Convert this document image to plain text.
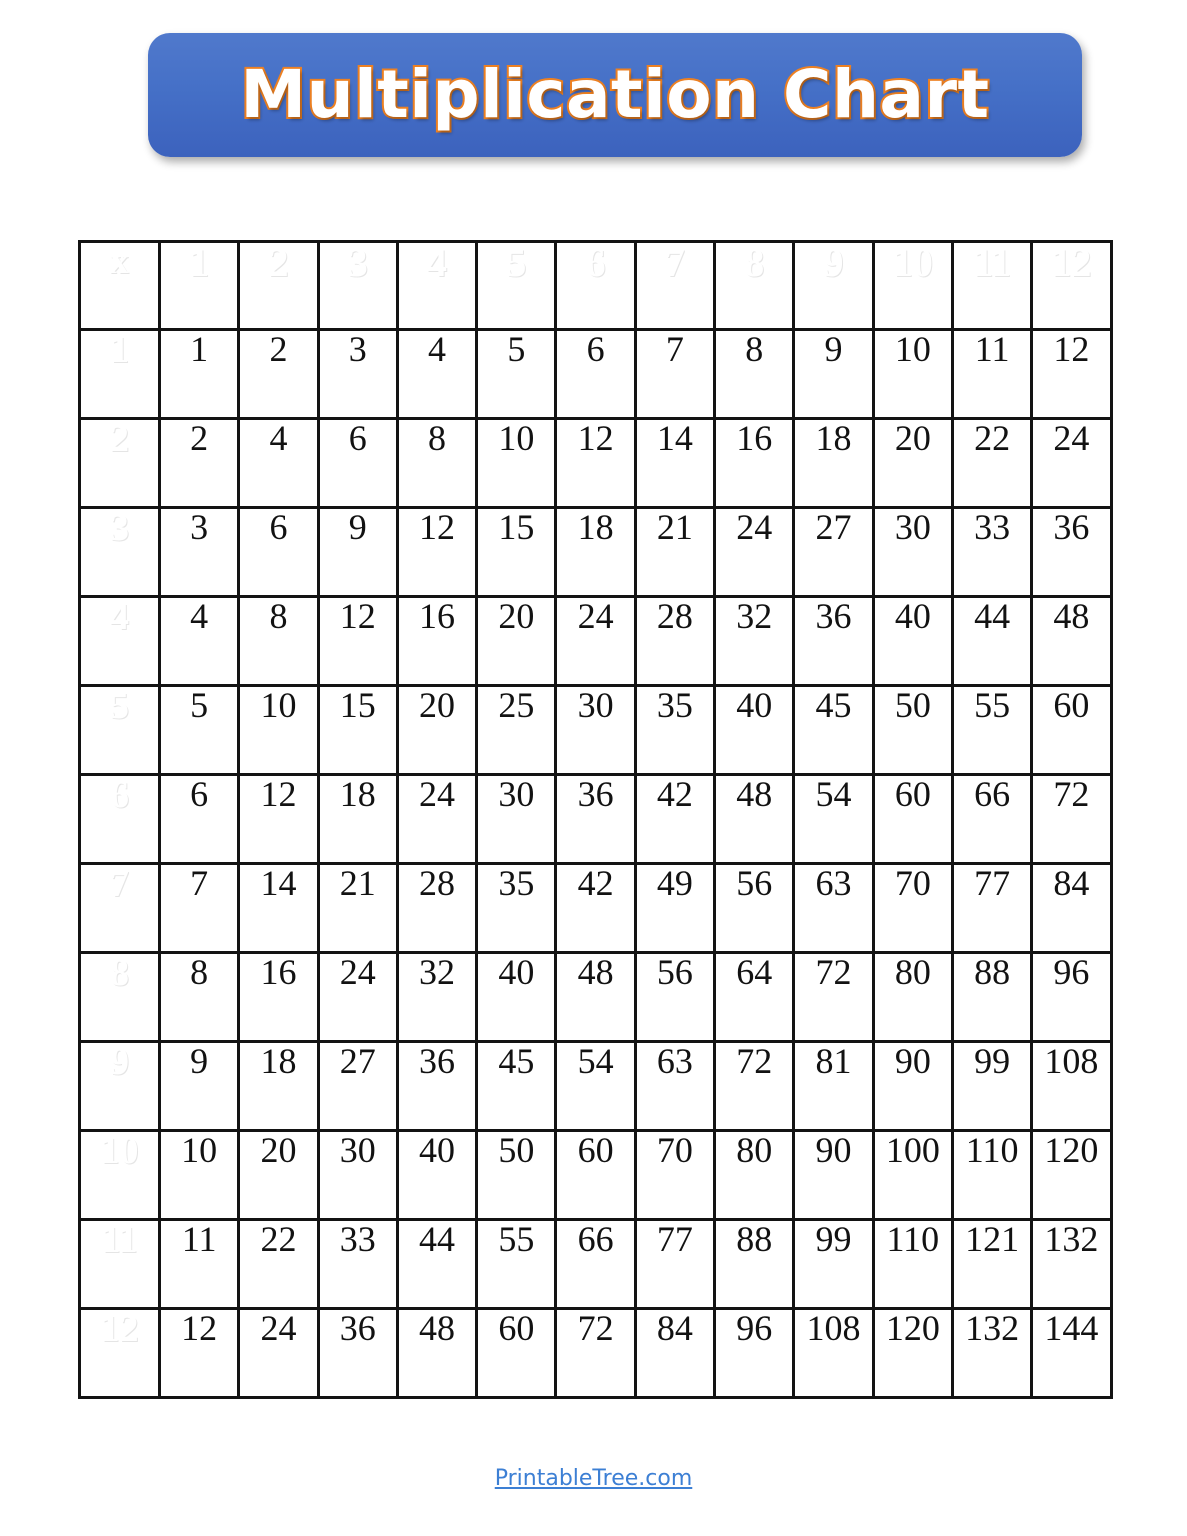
Multiplication Chart
x	1	2	3	4	5	6	7	8	9	10	11	12
1	1	2	3	4	5	6	7	8	9	10	11	12
2	2	4	6	8	10	12	14	16	18	20	22	24
3	3	6	9	12	15	18	21	24	27	30	33	36
4	4	8	12	16	20	24	28	32	36	40	44	48
5	5	10	15	20	25	30	35	40	45	50	55	60
6	6	12	18	24	30	36	42	48	54	60	66	72
7	7	14	21	28	35	42	49	56	63	70	77	84
8	8	16	24	32	40	48	56	64	72	80	88	96
9	9	18	27	36	45	54	63	72	81	90	99	108
10	10	20	30	40	50	60	70	80	90	100	110	120
11	11	22	33	44	55	66	77	88	99	110	121	132
12	12	24	36	48	60	72	84	96	108	120	132	144
PrintableTree.com
